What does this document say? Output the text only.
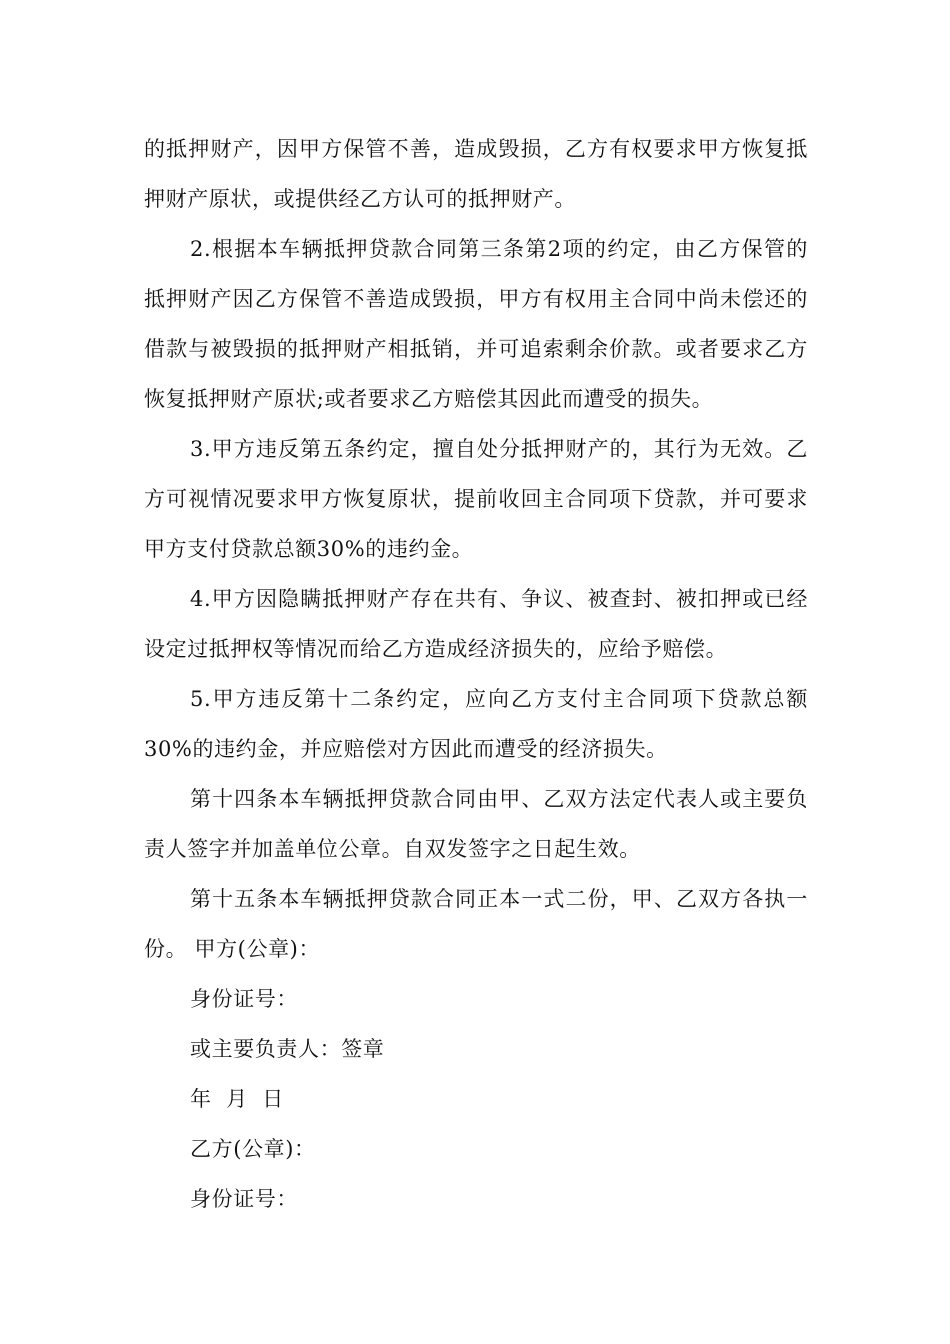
的抵押财产，因甲方保管不善，造成毁损，乙方有权要求甲方恢复抵押财产原状，或提供经乙方认可的抵押财产。

2.根据本车辆抵押贷款合同第三条第2项的约定，由乙方保管的抵押财产因乙方保管不善造成毁损，甲方有权用主合同中尚未偿还的借款与被毁损的抵押财产相抵销，并可追索剩余价款。或者要求乙方恢复抵押财产原状;或者要求乙方赔偿其因此而遭受的损失。

3.甲方违反第五条约定，擅自处分抵押财产的，其行为无效。乙方可视情况要求甲方恢复原状，提前收回主合同项下贷款，并可要求甲方支付贷款总额30%的违约金。

4.甲方因隐瞒抵押财产存在共有、争议、被查封、被扣押或已经设定过抵押权等情况而给乙方造成经济损失的，应给予赔偿。

5.甲方违反第十二条约定，应向乙方支付主合同项下贷款总额30%的违约金，并应赔偿对方因此而遭受的经济损失。

第十四条本车辆抵押贷款合同由甲、乙双方法定代表人或主要负责人签字并加盖单位公章。自双发签字之日起生效。

第十五条本车辆抵押贷款合同正本一式二份，甲、乙双方各执一份。 甲方(公章)：

身份证号：

或主要负责人：签章

年  月  日

乙方(公章)：

身份证号：
